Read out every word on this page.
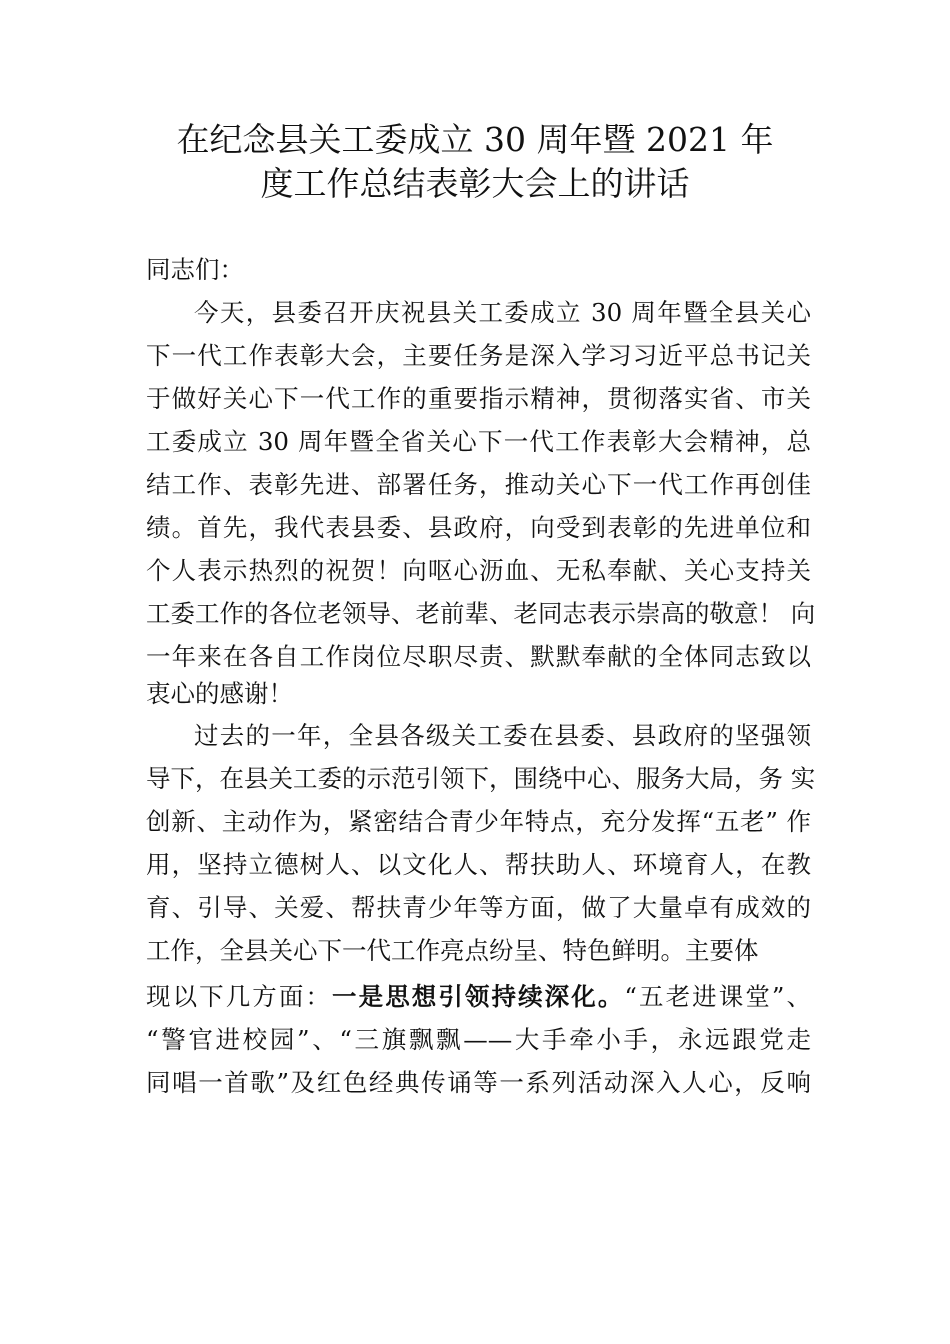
在纪念县关工委成立 30 周年暨 2021 年
度工作总结表彰大会上的讲话

同志们：

今天，县委召开庆祝县关工委成立 30 周年暨全县关心

下一代工作表彰大会，主要任务是深入学习习近平总书记关

于做好关心下一代工作的重要指示精神，贯彻落实省、市关

工委成立 30 周年暨全省关心下一代工作表彰大会精神，总

结工作、表彰先进、部署任务，推动关心下一代工作再创佳

绩。首先，我代表县委、县政府，向受到表彰的先进单位和

个人表示热烈的祝贺！向呕心沥血、无私奉献、关心支持关

工委工作的各位老领导、老前辈、老同志表示崇高的敬意！ 向

一年来在各自工作岗位尽职尽责、默默奉献的全体同志致以

衷心的感谢！

过去的一年，全县各级关工委在县委、县政府的坚强领

导下，在县关工委的示范引领下，围绕中心、服务大局，务 实

创新、主动作为，紧密结合青少年特点，充分发挥“五老” 作

用，坚持立德树人、以文化人、帮扶助人、环境育人，在教

育、引导、关爱、帮扶青少年等方面，做了大量卓有成效的

工作，全县关心下一代工作亮点纷呈、特色鲜明。主要体

现以下几方面：一是思想引领持续深化。“五老进课堂”、

“警官进校园”、“三旗飘飘——大手牵小手，永远跟党走

同唱一首歌”及红色经典传诵等一系列活动深入人心，反响
